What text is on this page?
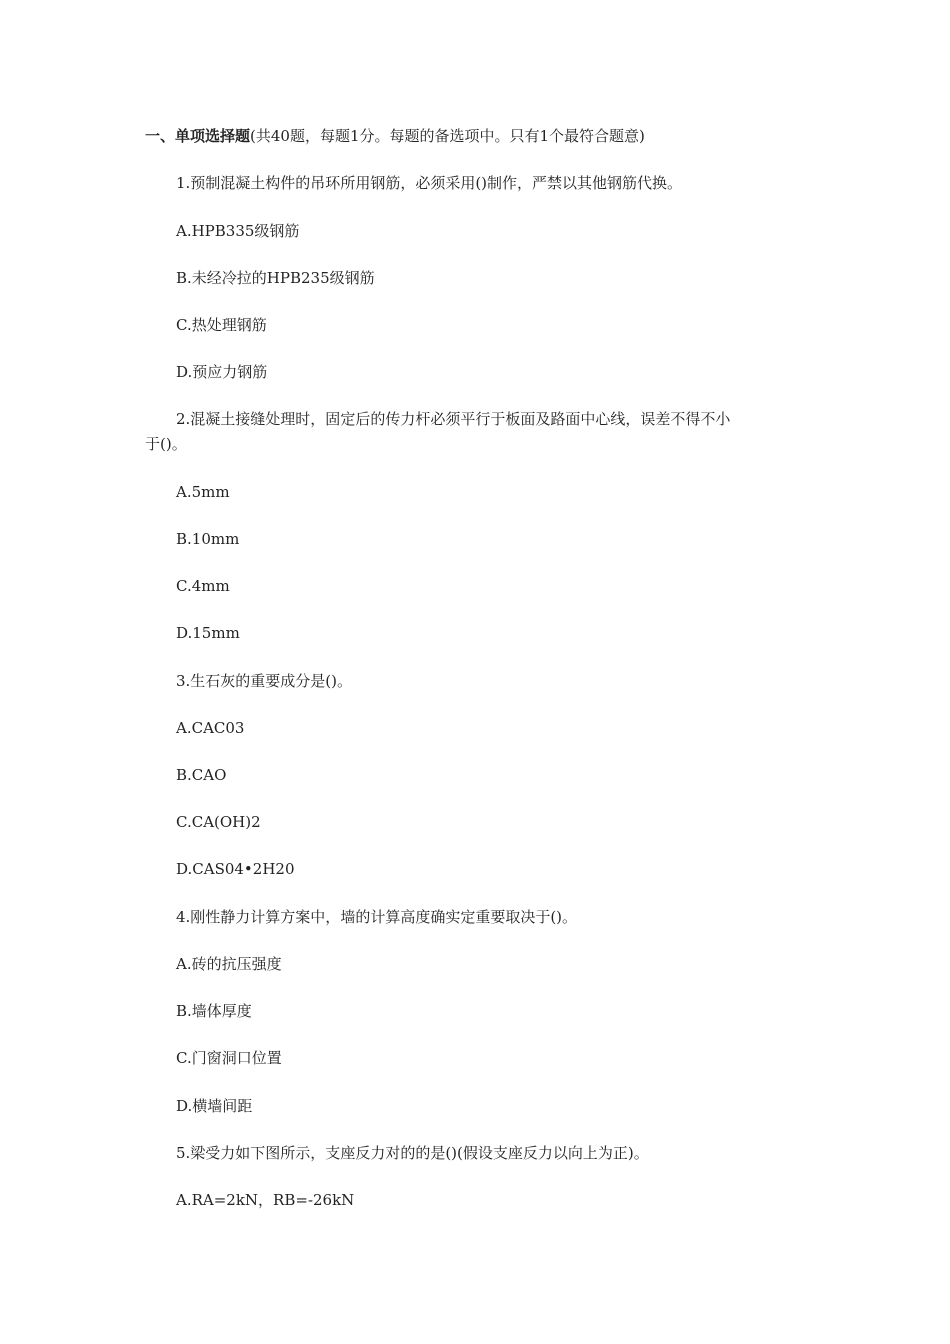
一、单项选择题(共40题，每题1分。每题的备选项中。只有1个最符合题意)
1.预制混凝土构件的吊环所用钢筋，必须采用()制作，严禁以其他钢筋代换。
A.HPB335级钢筋
B.未经冷拉的HPB235级钢筋
C.热处理钢筋
D.预应力钢筋
2.混凝土接缝处理时，固定后的传力杆必须平行于板面及路面中心线，误差不得不小
于()。
A.5mm
B.10mm
C.4mm
D.15mm
3.生石灰的重要成分是()。
A.CAC03
B.CAO
C.CA(OH)2
D.CAS04•2H20
4.刚性静力计算方案中，墙的计算高度确实定重要取决于()。
A.砖的抗压强度
B.墙体厚度
C.门窗洞口位置
D.横墙间距
5.梁受力如下图所示，支座反力对的的是()(假设支座反力以向上为正)。
A.RA=2kN，RB=-26kN
